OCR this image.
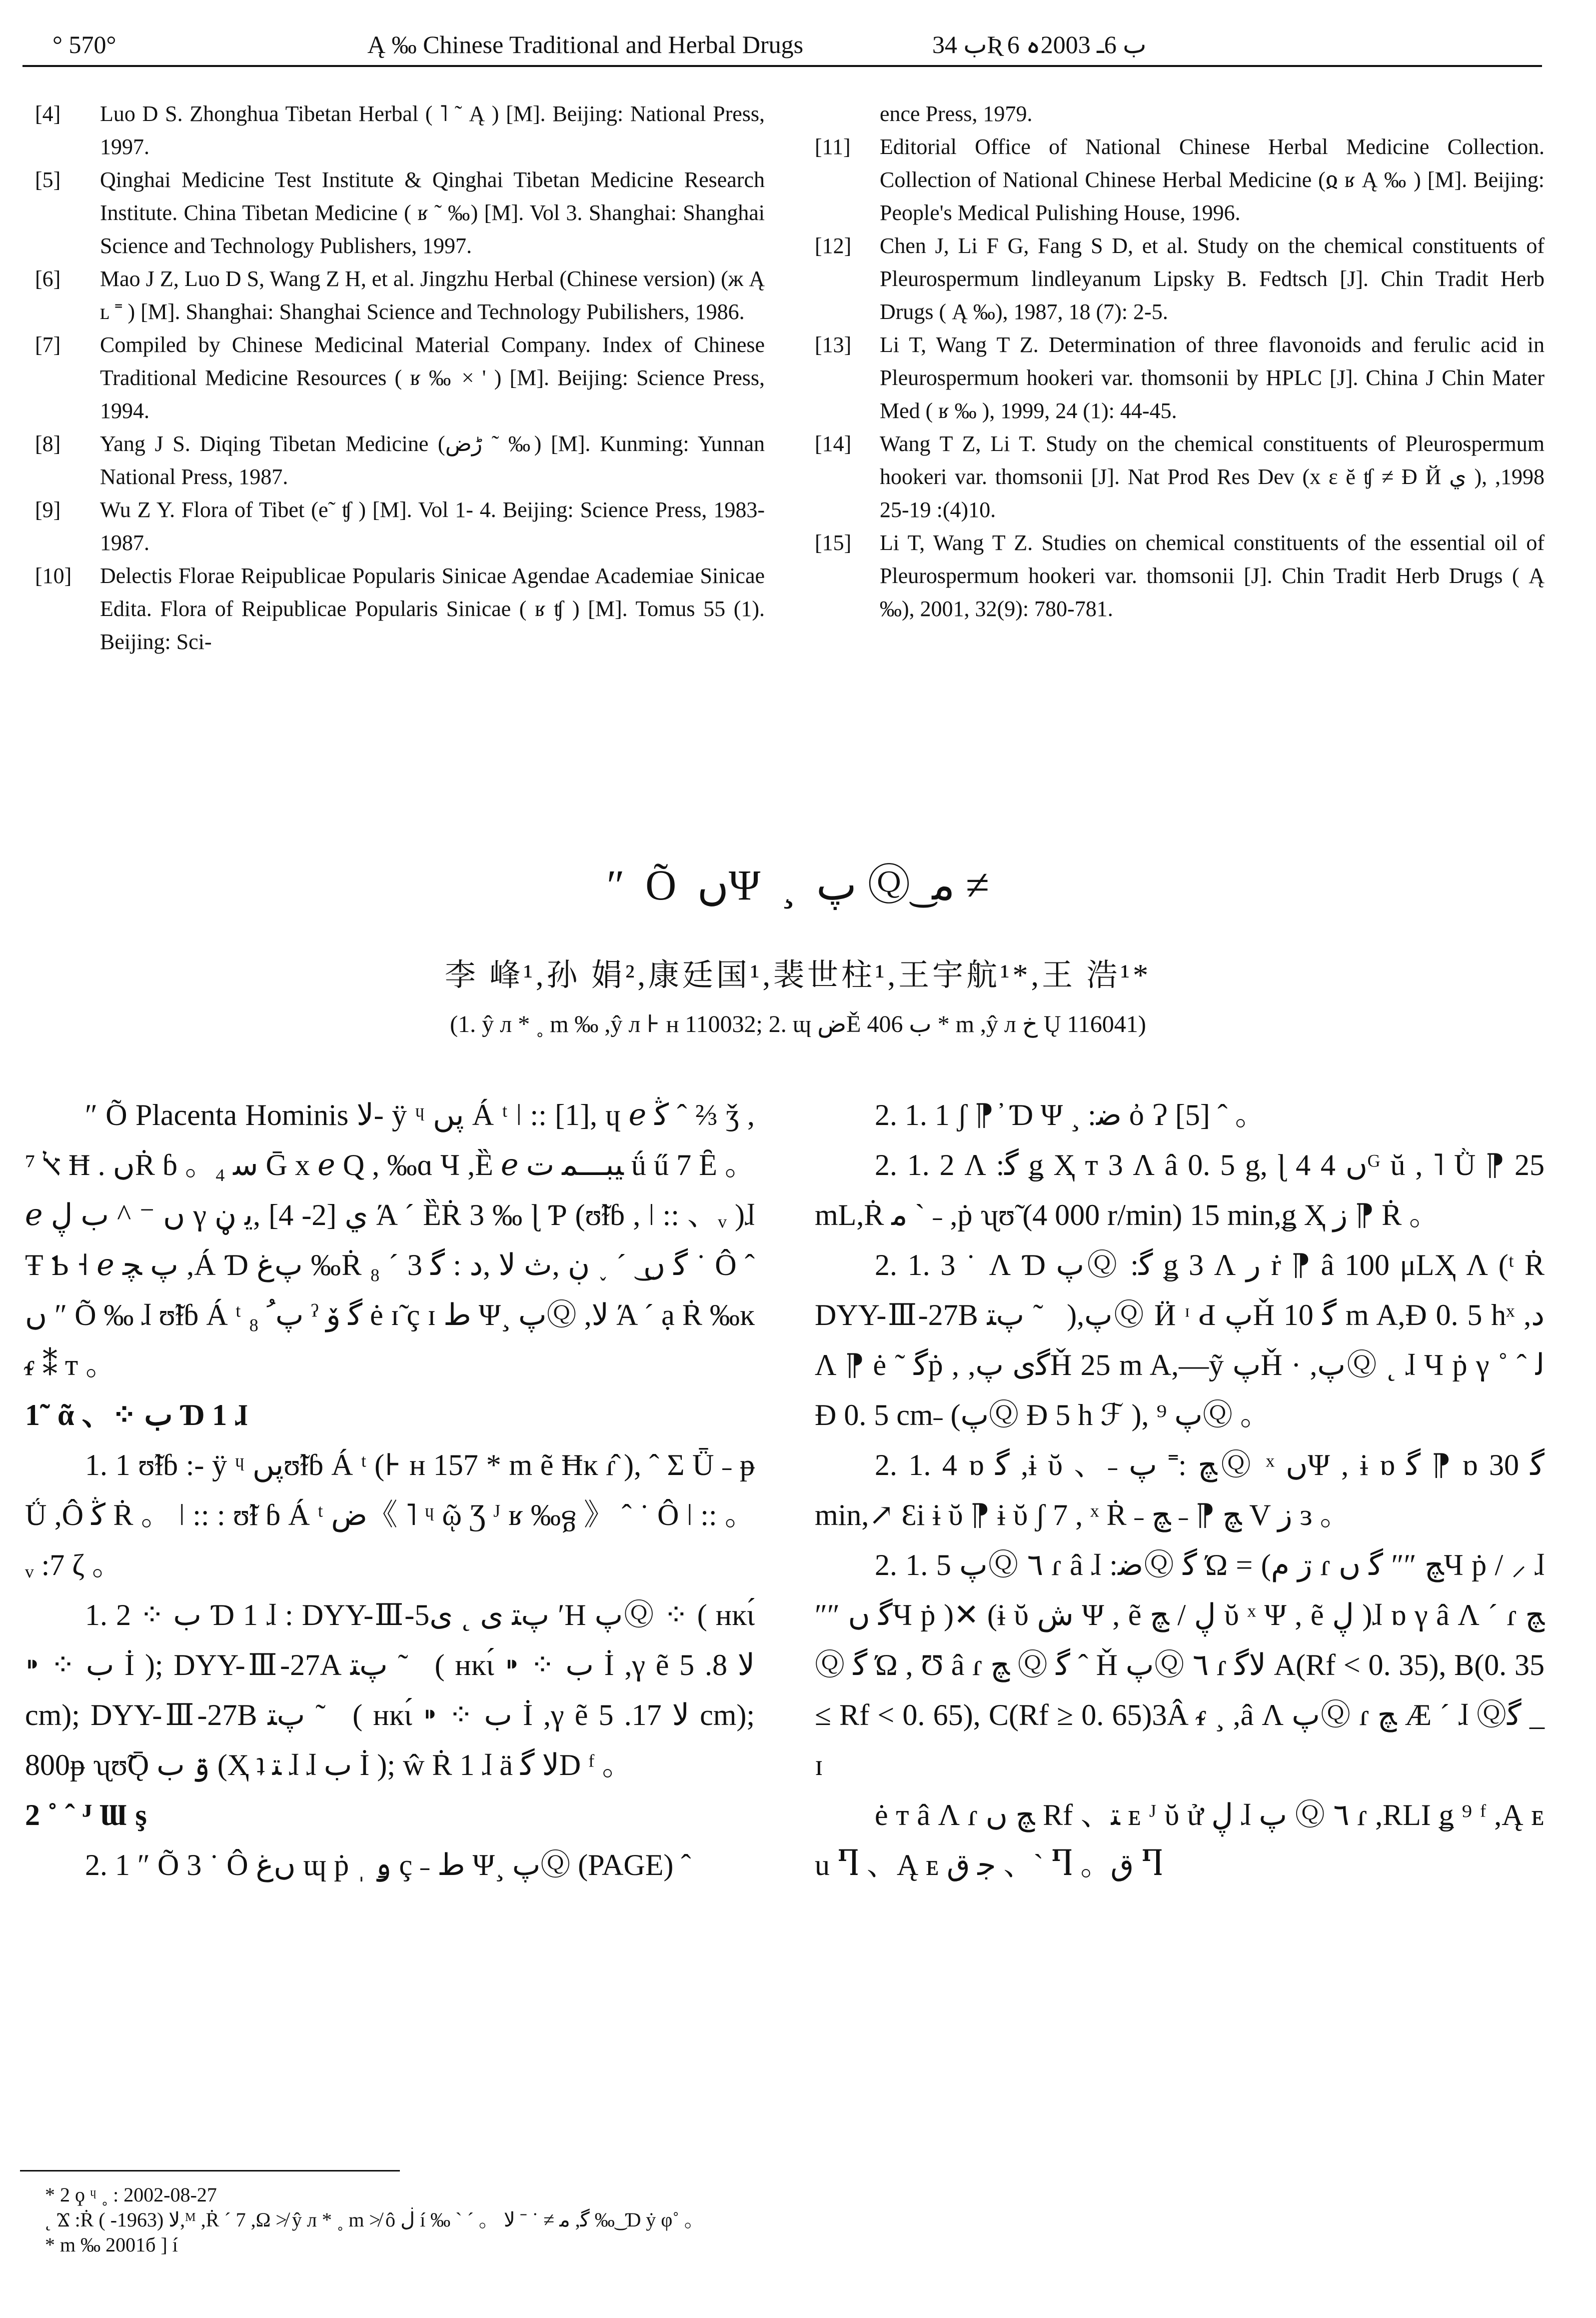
° 570°	Ą ‰ Chinese Traditional and Herbal Drugs	ب 34Ʀ ب 6ـ 2003ہ 6
[4]	Luo D S. Zhonghua Tibetan Herbal ( ˥ ˜ Ą ) [M]. Beijing: National Press, 1997.
[5]	Qinghai Medicine Test Institute & Qinghai Tibetan Medicine Research Institute. China Tibetan Medicine ( ʁ ˜ ‰) [M]. Vol 3. Shanghai: Shanghai Science and Technology Publishers, 1997.
[6]	Mao J Z, Luo D S, Wang Z H, et al. Jingzhu Herbal (Chinese version) (ж Ą ʟ ˭ ) [M]. Shanghai: Shanghai Science and Technology Pubilishers, 1986.
[7]	Compiled by Chinese Medicinal Material Company. Index of Chinese Traditional Medicine Resources ( ʁ ‰ × ' ) [M]. Beijing: Science Press, 1994.
[8]	Yang J S. Diqing Tibetan Medicine (ڑض ˜ ‰) [M]. Kunming: Yunnan National Press, 1987.
[9]	Wu Z Y. Flora of Tibet (e˜ ʧ ) [M]. Vol 1- 4. Beijing: Science Press, 1983-1987.
[10]	Delectis Florae Reipublicae Popularis Sinicae Agendae Academiae Sinicae Edita. Flora of Reipublicae Popularis Sinicae ( ʁ ʧ ) [M]. Tomus 55 (1). Beijing: Sci-
ence Press, 1979.
[11]	Editorial Office of National Chinese Herbal Medicine Collection. Collection of National Chinese Herbal Medicine (ჲ ʁ Ą ‰ ) [M]. Beijing: People's Medical Pulishing House, 1996.
[12]	Chen J, Li F G, Fang S D, et al. Study on the chemical constituents of Pleurospermum lindleyanum Lipsky B. Fedtsch [J]. Chin Tradit Herb Drugs ( Ą ‰), 1987, 18 (7): 2-5.
[13]	Li T, Wang T Z. Determination of three flavonoids and ferulic acid in Pleurospermum hookeri var. thomsonii by HPLC [J]. China J Chin Mater Med ( ʁ ‰ ), 1999, 24 (1): 44-45.
[14]	Wang T Z, Li T. Study on the chemical constituents of Pleurospermum hookeri var. thomsonii [J]. Nat Prod Res Dev (x ε ĕ ʧ ≠ Ɖ Й ي ), 1998, 10(4): 19-25.
[15]	Li T, Wang T Z. Studies on chemical constituents of the essential oil of Pleurospermum hookeri var. thomsonii [J]. Chin Tradit Herb Drugs ( Ą ‰), 2001, 32(9): 780-781.
″ Õ ںΨ ¸ پ Ⓠ ͜ ﻣ ≠
李 峰¹,孙 娟²,康廷国¹,裴世柱¹,王宇航¹*,王 浩¹*
(1. ŷ л * ˳ m ‰ ,ŷ л ⊦ ʜ 110032; 2. ɰ ضĚ ب 406 * m ,ŷ л خ Ų 116041)

″ Õ Placenta Hominis ﻻ- ÿ ᶣ پں Á ᵗ ǀ :: [1], ɥ ℯ ﯕ ˆ ⅔ ǯ , ⁷ ﭏ Ħ . ںṘ ɓ 。₄ ﺳ Ḡ x ℯ Ԛ , ‰ɑ Ч ,Ȅ ℯ ﯿﺒـــﻤ ت ǘ ű 7 Ȇ 。 ℯ ں ⁻ ^ ب ڸ γ ﻱ [2- 4] ,ﻳ ڼ Ά ˊ ȄṘ 3 ‰ ɭ Ƥ (ʊ̃ɫɓ , ǀ :: 、ᵥ )ɺ Ŧ Ƅ ˧ ℯ پ ﭽ ,Á Ɗ ﭖﻍ ‰Ṙ ﮔ ں ͜ ˊ ˯ ڹ ,ث ﻻ ,ﺩ : ﮔ 3 ˊ ₈ ˙ Ô ˆ ں ″ Õ ‰ ɺ ʊ̃ɫɓ Á ᵗ پﹸ ₈ ˀ ﮔ ﯙ ė ɪ̃ ç ɪ ﻁ Ψ¸ پⓆ ,ﻻ Ά ˊ ạ Ṙ ‰ĸ ᵳ ⁑ ᴛ 。

1˜ ᾶ 、⁘ ب Ɗ 1 ɺ

1. 1 ʊ̃ɫɓ :- ÿ ᶣ پںʊ̃ɫɓ Á ᵗ (⊦ ʜ 157 * m ẽ Ħĸ ɾ̂ ), ˆ Σ Ǖ ˗ ᵽ Ǘ ,Ô ﯕ Ṙ 。 ǀ :: : ʊ̃ɫ ɓ Á ᵗ ض《 ˥ ᶣ ῷ Ʒ ᴶ ʁ ‰ᵷ 》 ˆ ˙ Ô ǀ :: 。ᵥ :7 ζ 。

1. 2 ⁘ ب Ɗ 1 ɺ : DYY-Ⅲ-5پﺘ ﻯ ˛ ﻯ ʹH پⓆ ⁘ ( ʜĸɩ́ ⁍ ⁘ ب İ ); DYY-Ⅲ-27A پﺘ Ⓠ̃ ( ʜĸɩ́ ⁍ ⁘ ب İ ,γ ẽ ﻻ 8. 5 cm); DYY-Ⅲ-27B پﺘ Ⓠ̃ ( ʜĸɩ́ ⁍ ⁘ ب İ ,γ ẽ ﻻ 17. 5 cm); 800ᵽ ʯʊ̃Ǭ ۊ ب (Ҳ ʇ ﺘ ɺ ɺ ب İ ); ŵ Ṙ 1 ɺ ä ﻻ ﮔD ᶠ 。

2 ˚ ˆ ᴶ Ɯ ş

2. 1 ″ Õ 3 ˙ Ô ںﻍ ɰ ṗ ˌ ۅ ç ˗ ﻁ Ψ¸ پⓆ (PAGE) ˆ

2. 1. 1 ʃ ⁋ ̓ Ɗ Ψ ¸ :ﺿ ὀ Ɂ [5] ˆ 。

2. 1. 2 Ʌ :ﮔ ǥ Ҳ т 3 Ʌ â 0. 5 g, ɭ 4 4 ںᴳ ŭ , ˥ Ǜ ⁋ 25 mL,Ṙ ﻣ ˋ ˗ ,ṗ ʯʊ̃ (4 000 r/min) 15 min,ǥ Ҳ ﺯ ⁋ Ṙ 。

2. 1. 3 ˙ Ʌ Ɗ پⓆ :ﮔ ǥ 3 Ʌ ﺭ ṙ ⁋ â 100 μLҲ Ʌ (ᵗ Ṙ DYY-Ⅲ-27B پﺘ Ⓠ̃ ),پⓆ Ӥ ᶦ Ԁ پȞ ﮔ 10 m A,Ɖ 0. 5 hˣ ,ﺩ Ʌ ⁋ ė ˜ ﮔṗ , ,ﮔﯼ پȞ 25 m A,—ỹ پȞ · ,پⓆ ˛ ɺ Ч ṗ γ ˚ ˆ ﻟ Ɖ 0. 5 cm˗ (پⓆ Ɖ 5 h ℱ ), ⁹ پⓆ 。

2. 1. 4 ɒ ﮔ ,ɨ ῠ 、˗ ﭻ :˭ پⓆ ˣ ںΨ , ɨ ɒ ﮔ ⁋ ɒ ﮔ 30 min,↗ Ԑi ɨ ῠ ⁋ ɨ ῠ ʃ 7 , ˣ Ṙ ˗ ﭻ ⁋ ˗ ﭻ V ﺯ ɜ 。

2. 1. 5 پⓆ ٦ ɾ â ɺ :ﺿⓆ ﮔ Ώ = (ڗ ﻡ ɾ ﭻ ″″ ﮔ ںЧ ṗ / ⸝ ɺ ″″ ﮔ ںЧ ṗ )✕ (ɨ ῠ ﺵ Ψ , ẽ ڸ / ﭻ ῠ ˣ Ψ , ẽ ڸ )ɺ ɒ γ â Ʌ ˊ ɾ ﭻ Ⓠ ﮔ Ώ , Ʊ â ɾ ﭻ Ⓠ ﮔ ˆ Ȟ پⓆ ٦ ɾ ﻻﮔ A(Rf < 0. 35), B(0. 35 ≤ Rf < 0. 65), C(Rf ≥ 0. 65)3Â ᵳ ¸ ,â Ʌ پⓆ ɾ ﭻ Æ ˊ ɺ Ⓠﮔ _ ɪ

ė ᴛ â Ʌ ɾ ﭻ ں Rf 、ﺘ ᴇ ᴶ ῠ ử ڸ ɺ پ Ⓠ ٦ ɾ ,RLI ǥ ⁹ ᶠ ,Ą ᴇ u Ⴄ 、Ą ᴇ ﺟ ﻕ 、ˋ Ⴄ 。ﻕ Ⴄ

* 2 ϙ ᶣ ˳ : 2002-08-27

˛ Ϫ :Ṙ ﻻ (1963- ),ᴹ ,Ṙ ˊ 7 ,Ω ≯ ŷ л * ˳ m ≯ ô ڶ í ‰ ˋ ˊ 。 ﮔ, ﻣ ≠ ˙ ˉ ﻻ ‰ ͜ Ɗ ẏ φ˚ 。

* m ‰ 2001б ] í
